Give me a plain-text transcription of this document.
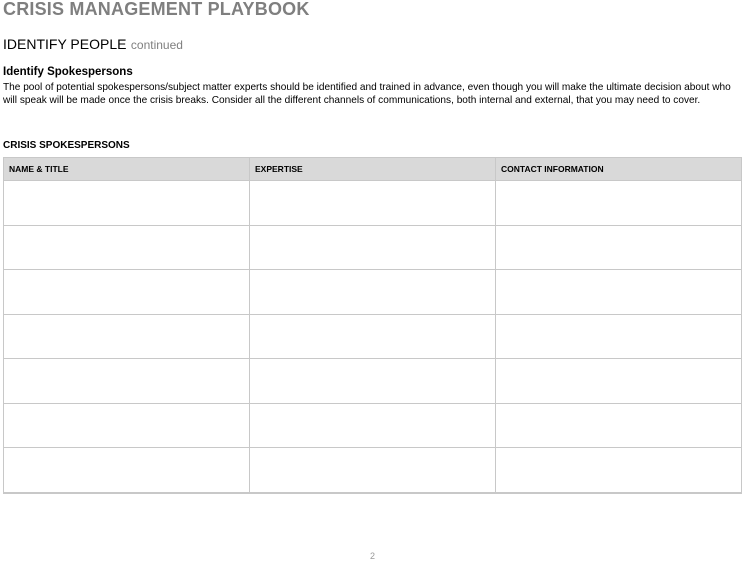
CRISIS MANAGEMENT PLAYBOOK
IDENTIFY PEOPLE continued
Identify Spokespersons
The pool of potential spokespersons/subject matter experts should be identified and trained in advance, even though you will make the ultimate decision about who will speak will be made once the crisis breaks. Consider all the different channels of communications, both internal and external, that you may need to cover.
CRISIS SPOKESPERSONS
NAME & TITLE	EXPERTISE	CONTACT INFORMATION

2
